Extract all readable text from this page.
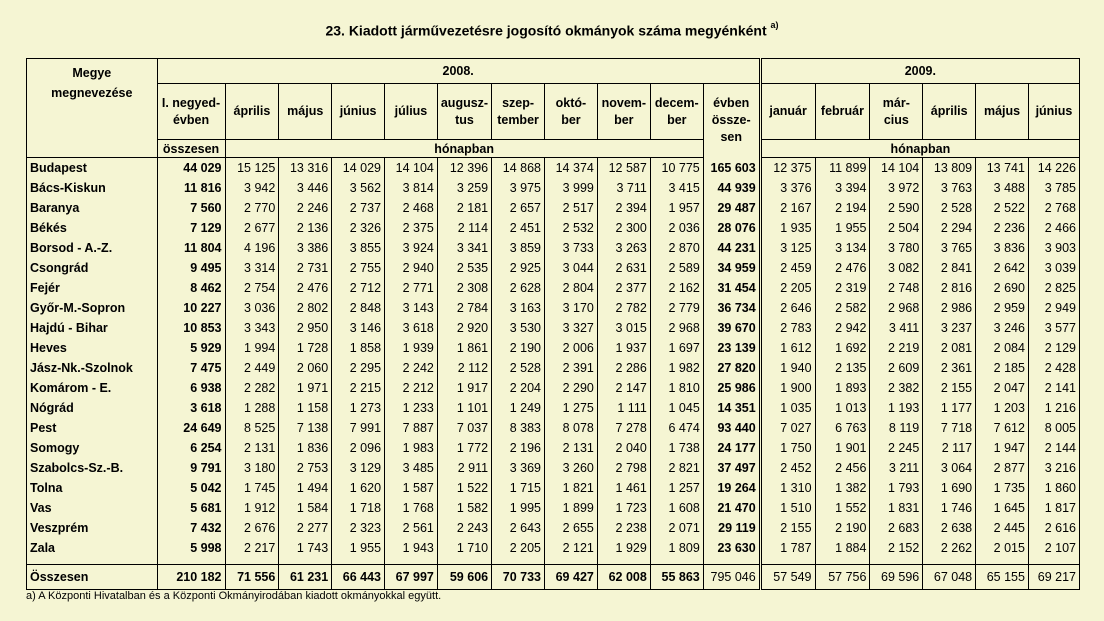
23. Kiadott járművezetésre jogosító okmányok száma megyénként $^{a)}$
Megye
megnevezése	2008.											2009.					
	I. negyed-évben	április	május	június	július	augusz-tus	szep-tember	októ-ber	novem-ber	decem-ber	évben össze-sen	január	február	már-cius	április	május	június
	összesen	hónapban										hónapban					
Budapest	44 029	15 125	13 316	14 029	14 104	12 396	14 868	14 374	12 587	10 775	165 603	12 375	11 899	14 104	13 809	13 741	14 226
Bács-Kiskun	11 816	3 942	3 446	3 562	3 814	3 259	3 975	3 999	3 711	3 415	44 939	3 376	3 394	3 972	3 763	3 488	3 785
Baranya	7 560	2 770	2 246	2 737	2 468	2 181	2 657	2 517	2 394	1 957	29 487	2 167	2 194	2 590	2 528	2 522	2 768
Békés	7 129	2 677	2 136	2 326	2 375	2 114	2 451	2 532	2 300	2 036	28 076	1 935	1 955	2 504	2 294	2 236	2 466
Borsod - A.-Z.	11 804	4 196	3 386	3 855	3 924	3 341	3 859	3 733	3 263	2 870	44 231	3 125	3 134	3 780	3 765	3 836	3 903
Csongrád	9 495	3 314	2 731	2 755	2 940	2 535	2 925	3 044	2 631	2 589	34 959	2 459	2 476	3 082	2 841	2 642	3 039
Fejér	8 462	2 754	2 476	2 712	2 771	2 308	2 628	2 804	2 377	2 162	31 454	2 205	2 319	2 748	2 816	2 690	2 825
Győr-M.-Sopron	10 227	3 036	2 802	2 848	3 143	2 784	3 163	3 170	2 782	2 779	36 734	2 646	2 582	2 968	2 986	2 959	2 949
Hajdú - Bihar	10 853	3 343	2 950	3 146	3 618	2 920	3 530	3 327	3 015	2 968	39 670	2 783	2 942	3 411	3 237	3 246	3 577
Heves	5 929	1 994	1 728	1 858	1 939	1 861	2 190	2 006	1 937	1 697	23 139	1 612	1 692	2 219	2 081	2 084	2 129
Jász-Nk.-Szolnok	7 475	2 449	2 060	2 295	2 242	2 112	2 528	2 391	2 286	1 982	27 820	1 940	2 135	2 609	2 361	2 185	2 428
Komárom - E.	6 938	2 282	1 971	2 215	2 212	1 917	2 204	2 290	2 147	1 810	25 986	1 900	1 893	2 382	2 155	2 047	2 141
Nógrád	3 618	1 288	1 158	1 273	1 233	1 101	1 249	1 275	1 111	1 045	14 351	1 035	1 013	1 193	1 177	1 203	1 216
Pest	24 649	8 525	7 138	7 991	7 887	7 037	8 383	8 078	7 278	6 474	93 440	7 027	6 763	8 119	7 718	7 612	8 005
Somogy	6 254	2 131	1 836	2 096	1 983	1 772	2 196	2 131	2 040	1 738	24 177	1 750	1 901	2 245	2 117	1 947	2 144
Szabolcs-Sz.-B.	9 791	3 180	2 753	3 129	3 485	2 911	3 369	3 260	2 798	2 821	37 497	2 452	2 456	3 211	3 064	2 877	3 216
Tolna	5 042	1 745	1 494	1 620	1 587	1 522	1 715	1 821	1 461	1 257	19 264	1 310	1 382	1 793	1 690	1 735	1 860
Vas	5 681	1 912	1 584	1 718	1 768	1 582	1 995	1 899	1 723	1 608	21 470	1 510	1 552	1 831	1 746	1 645	1 817
Veszprém	7 432	2 676	2 277	2 323	2 561	2 243	2 643	2 655	2 238	2 071	29 119	2 155	2 190	2 683	2 638	2 445	2 616
Zala	5 998	2 217	1 743	1 955	1 943	1 710	2 205	2 121	1 929	1 809	23 630	1 787	1 884	2 152	2 262	2 015	2 107

Összesen	210 182	71 556	61 231	66 443	67 997	59 606	70 733	69 427	62 008	55 863	795 046	57 549	57 756	69 596	67 048	65 155	69 217
a) A Központi Hivatalban és a Központi Okmányirodában kiadott okmányokkal együtt.
